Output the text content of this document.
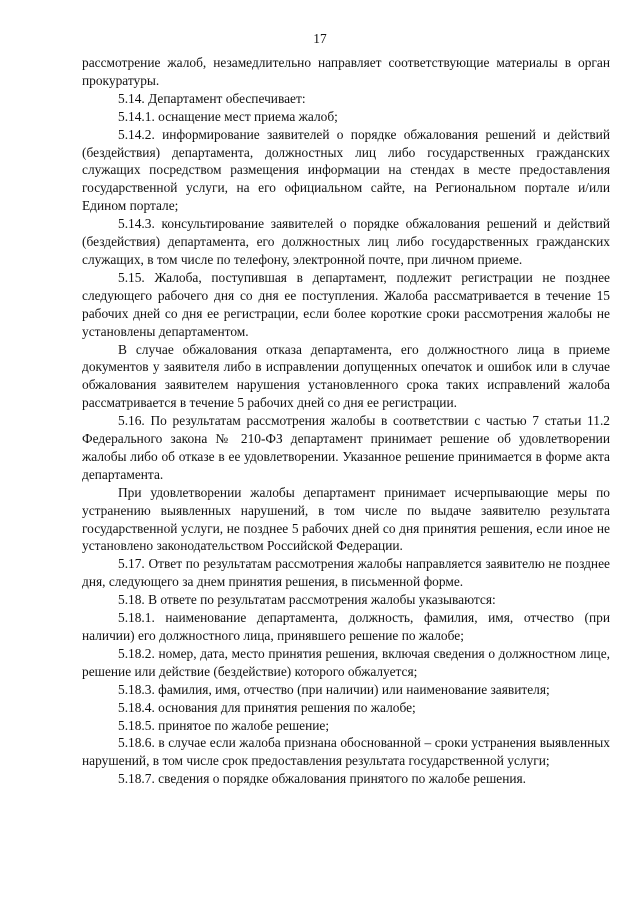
17

рассмотрение жалоб, незамедлительно направляет соответствующие материалы в орган прокуратуры.

5.14. Департамент обеспечивает:

5.14.1. оснащение мест приема жалоб;

5.14.2. информирование заявителей о порядке обжалования решений и действий (бездействия) департамента, должностных лиц либо государственных гражданских служащих посредством размещения информации на стендах в месте предоставления государственной услуги, на его официальном сайте, на Региональном портале и/или Едином портале;

5.14.3. консультирование заявителей о порядке обжалования решений и действий (бездействия) департамента, его должностных лиц либо государственных гражданских служащих, в том числе по телефону, электронной почте, при личном приеме.

5.15. Жалоба, поступившая в департамент, подлежит регистрации не позднее следующего рабочего дня со дня ее поступления. Жалоба рассматривается в течение 15 рабочих дней со дня ее регистрации, если более короткие сроки рассмотрения жалобы не установлены департаментом.

В случае обжалования отказа департамента, его должностного лица в приеме документов у заявителя либо в исправлении допущенных опечаток и ошибок или в случае обжалования заявителем нарушения установленного срока таких исправлений жалоба рассматривается в течение 5 рабочих дней со дня ее регистрации.

5.16. По результатам рассмотрения жалобы в соответствии с частью 7 статьи 11.2 Федерального закона № 210-ФЗ департамент принимает решение об удовлетворении жалобы либо об отказе в ее удовлетворении. Указанное решение принимается в форме акта департамента.

При удовлетворении жалобы департамент принимает исчерпывающие меры по устранению выявленных нарушений, в том числе по выдаче заявителю результата государственной услуги, не позднее 5 рабочих дней со дня принятия решения, если иное не установлено законодательством Российской Федерации.

5.17. Ответ по результатам рассмотрения жалобы направляется заявителю не позднее дня, следующего за днем принятия решения, в письменной форме.

5.18. В ответе по результатам рассмотрения жалобы указываются:

5.18.1. наименование департамента, должность, фамилия, имя, отчество (при наличии) его должностного лица, принявшего решение по жалобе;

5.18.2. номер, дата, место принятия решения, включая сведения о должностном лице, решение или действие (бездействие) которого обжалуется;

5.18.3. фамилия, имя, отчество (при наличии) или наименование заявителя;

5.18.4. основания для принятия решения по жалобе;

5.18.5. принятое по жалобе решение;

5.18.6. в случае если жалоба признана обоснованной – сроки устранения выявленных нарушений, в том числе срок предоставления результата государственной услуги;

5.18.7. сведения о порядке обжалования принятого по жалобе решения.
